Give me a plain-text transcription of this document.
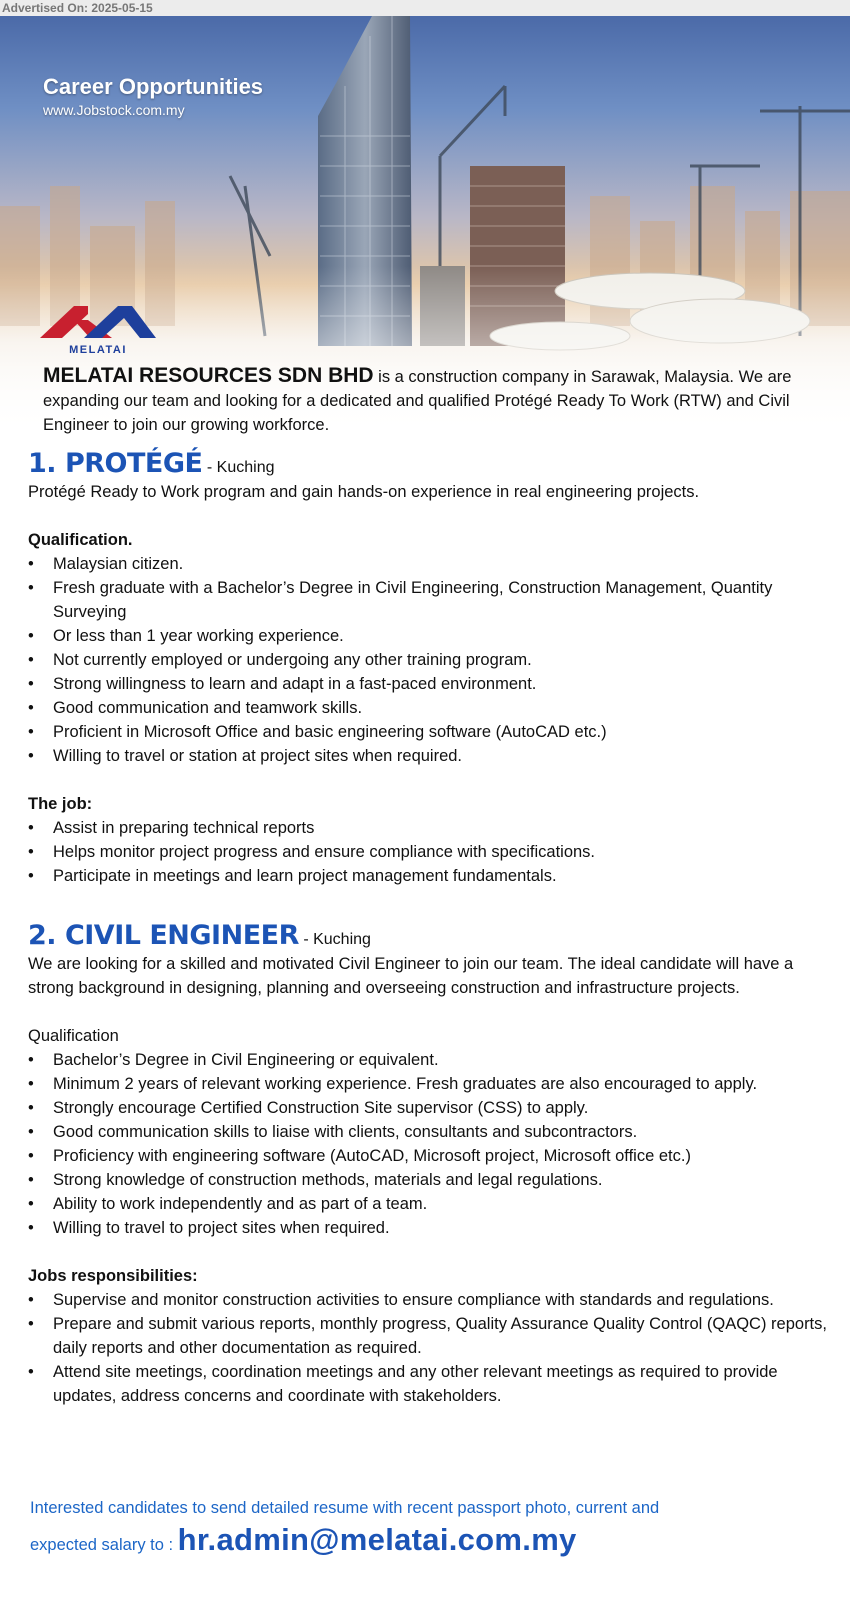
Advertised On: 2025-05-15
Career Opportunities
www.Jobstock.com.my
MELATAI
MELATAI RESOURCES SDN BHD is a construction company in Sarawak, Malaysia. We are expanding our team and looking for a dedicated and qualified Protégé Ready To Work (RTW) and Civil Engineer to join our growing workforce.
1. PROTÉGÉ - Kuching

Protégé Ready to Work program and gain hands-on experience in real engineering projects.

Qualification.

• Malaysian citizen.
• Fresh graduate with a Bachelor’s Degree in Civil Engineering, Construction Management, Quantity Surveying
• Or less than 1 year working experience.
• Not currently employed or undergoing any other training program.
• Strong willingness to learn and adapt in a fast-paced environment.
• Good communication and teamwork skills.
• Proficient in Microsoft Office and basic engineering software (AutoCAD etc.)
• Willing to travel or station at project sites when required.

The job:

• Assist in preparing technical reports
• Helps monitor project progress and ensure compliance with specifications.
• Participate in meetings and learn project management fundamentals.
2. CIVIL ENGINEER - Kuching

We are looking for a skilled and motivated Civil Engineer to join our team. The ideal candidate will have a strong background in designing, planning and overseeing construction and infrastructure projects.

Qualification

• Bachelor’s Degree in Civil Engineering or equivalent.
• Minimum 2 years of relevant working experience. Fresh graduates are also encouraged to apply.
• Strongly encourage Certified Construction Site supervisor (CSS) to apply.
• Good communication skills to liaise with clients, consultants and subcontractors.
• Proficiency with engineering software (AutoCAD, Microsoft project, Microsoft office etc.)
• Strong knowledge of construction methods, materials and legal regulations.
• Ability to work independently and as part of a team.
• Willing to travel to project sites when required.

Jobs responsibilities:

• Supervise and monitor construction activities to ensure compliance with standards and regulations.
• Prepare and submit various reports, monthly progress, Quality Assurance Quality Control (QAQC) reports, daily reports and other documentation as required.
• Attend site meetings, coordination meetings and any other relevant meetings as required to provide updates, address concerns and coordinate with stakeholders.
Interested candidates to send detailed resume with recent passport photo, current and
expected salary to : hr.admin@melatai.com.my
